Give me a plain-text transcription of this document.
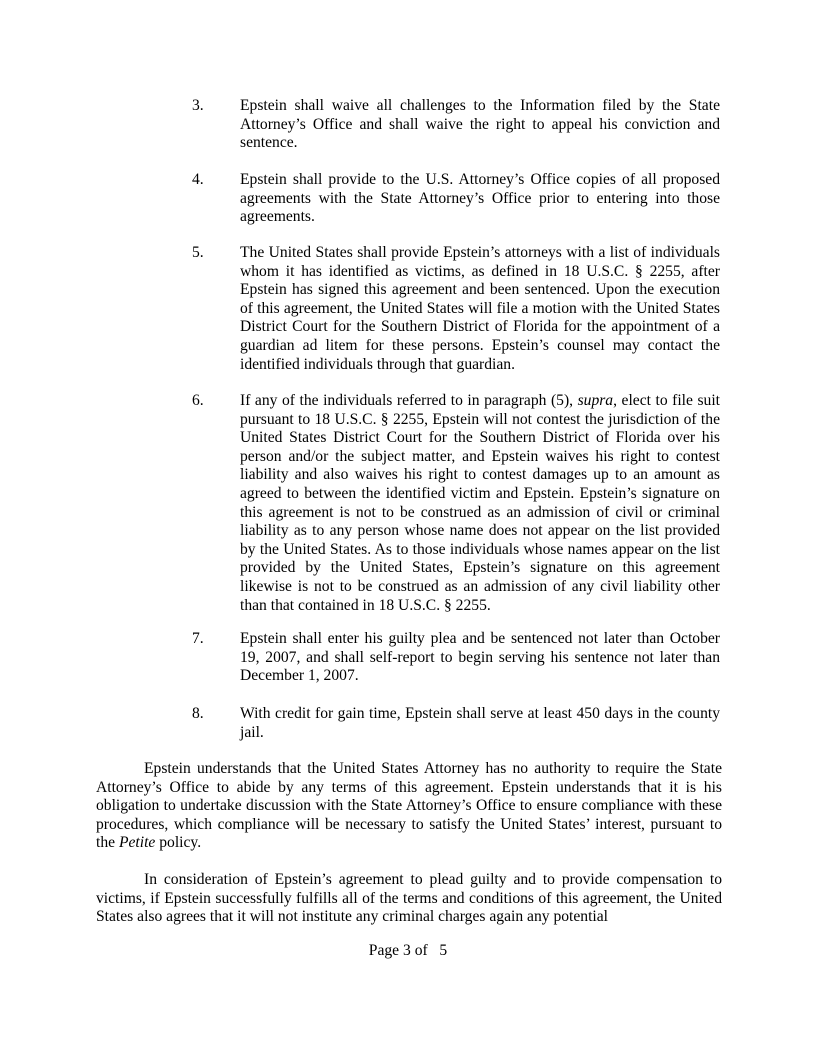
3. Epstein shall waive all challenges to the Information filed by the State Attorney’s Office and shall waive the right to appeal his conviction and sentence.
4. Epstein shall provide to the U.S. Attorney’s Office copies of all proposed agreements with the State Attorney’s Office prior to entering into those agreements.
5. The United States shall provide Epstein’s attorneys with a list of individuals whom it has identified as victims, as defined in 18 U.S.C. § 2255, after Epstein has signed this agreement and been sentenced. Upon the execution of this agreement, the United States will file a motion with the United States District Court for the Southern District of Florida for the appointment of a guardian ad litem for these persons. Epstein’s counsel may contact the identified individuals through that guardian.
6. If any of the individuals referred to in paragraph (5), supra, elect to file suit pursuant to 18 U.S.C. § 2255, Epstein will not contest the jurisdiction of the United States District Court for the Southern District of Florida over his person and/or the subject matter, and Epstein waives his right to contest liability and also waives his right to contest damages up to an amount as agreed to between the identified victim and Epstein. Epstein’s signature on this agreement is not to be construed as an admission of civil or criminal liability as to any person whose name does not appear on the list provided by the United States. As to those individuals whose names appear on the list provided by the United States, Epstein’s signature on this agreement likewise is not to be construed as an admission of any civil liability other than that contained in 18 U.S.C. § 2255.
7. Epstein shall enter his guilty plea and be sentenced not later than October 19, 2007, and shall self-report to begin serving his sentence not later than December 1, 2007.
8. With credit for gain time, Epstein shall serve at least 450 days in the county jail.
Epstein understands that the United States Attorney has no authority to require the State Attorney’s Office to abide by any terms of this agreement. Epstein understands that it is his obligation to undertake discussion with the State Attorney’s Office to ensure compliance with these procedures, which compliance will be necessary to satisfy the United States’ interest, pursuant to the Petite policy.
In consideration of Epstein’s agreement to plead guilty and to provide compensation to victims, if Epstein successfully fulfills all of the terms and conditions of this agreement, the United States also agrees that it will not institute any criminal charges again any potential
Page 3 of 5
